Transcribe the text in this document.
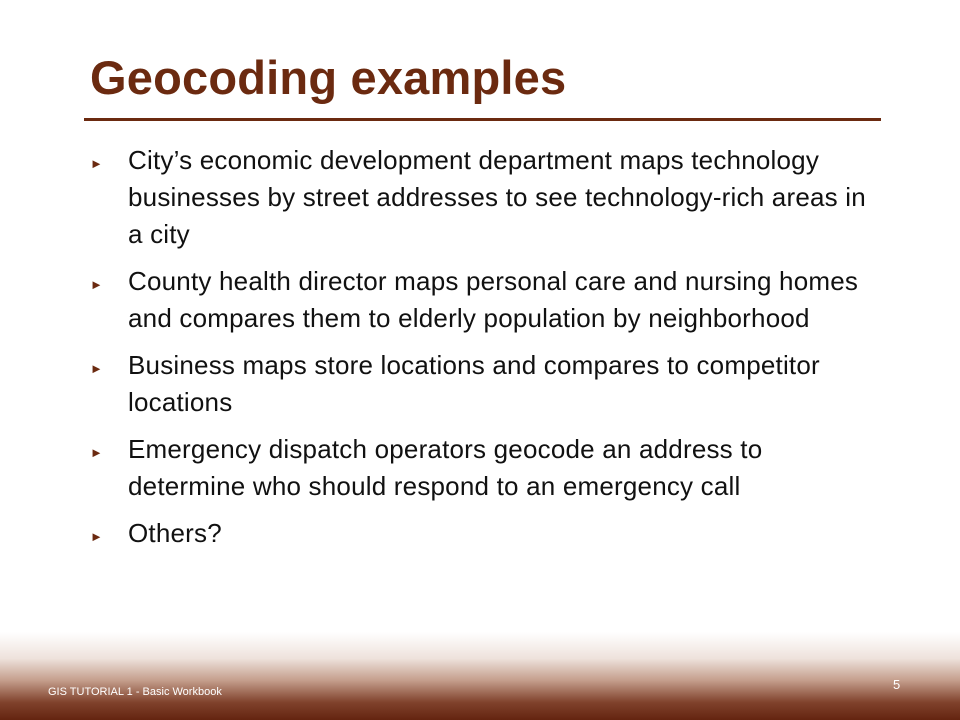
Geocoding examples
► City’s economic development department maps technology businesses by street addresses to see technology-rich areas in a city
► County health director maps personal care and nursing homes and compares them to elderly population by neighborhood
► Business maps store locations and compares to competitor locations
► Emergency dispatch operators geocode an address to determine who should respond to an emergency call
► Others?
GIS TUTORIAL 1 - Basic Workbook	5
